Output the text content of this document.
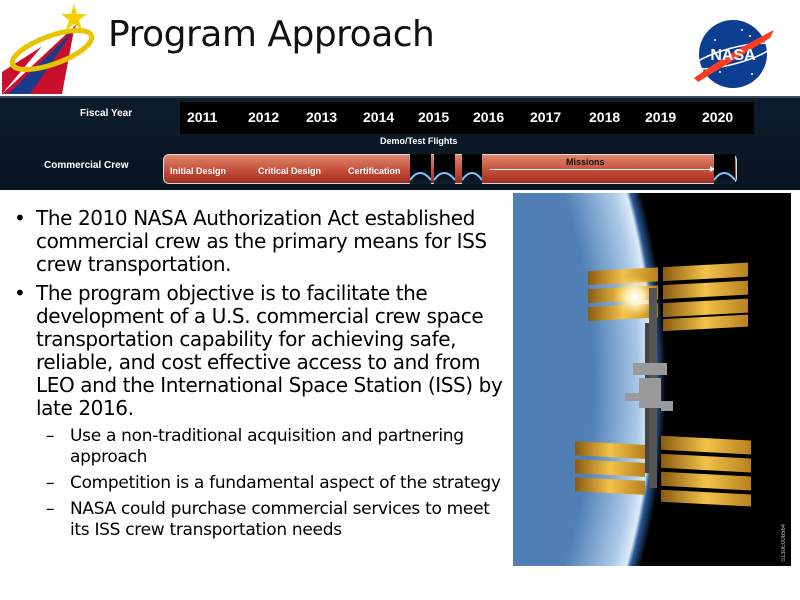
Program Approach
NASA
Fiscal Year	2011 2012 2013 2014 2015 2016 2017 2018 2019 2020
Demo/Test Flights
Commercial Crew	Initial Design	Critical Design	Certification
Missions
• The 2010 NASA Authorization Act established commercial crew as the primary means for ISS crew transportation.
• The program objective is to facilitate the development of a U.S. commercial crew space transportation capability for achieving safe, reliable, and cost effective access to and from LEO and the International Space Station (ISS) by late 2016.
– Use a non-traditional acquisition and partnering approach
– Competition is a fundamental aspect of the strategy
– NASA could purchase commercial services to meet its ISS crew transportation needs	S130E006564
